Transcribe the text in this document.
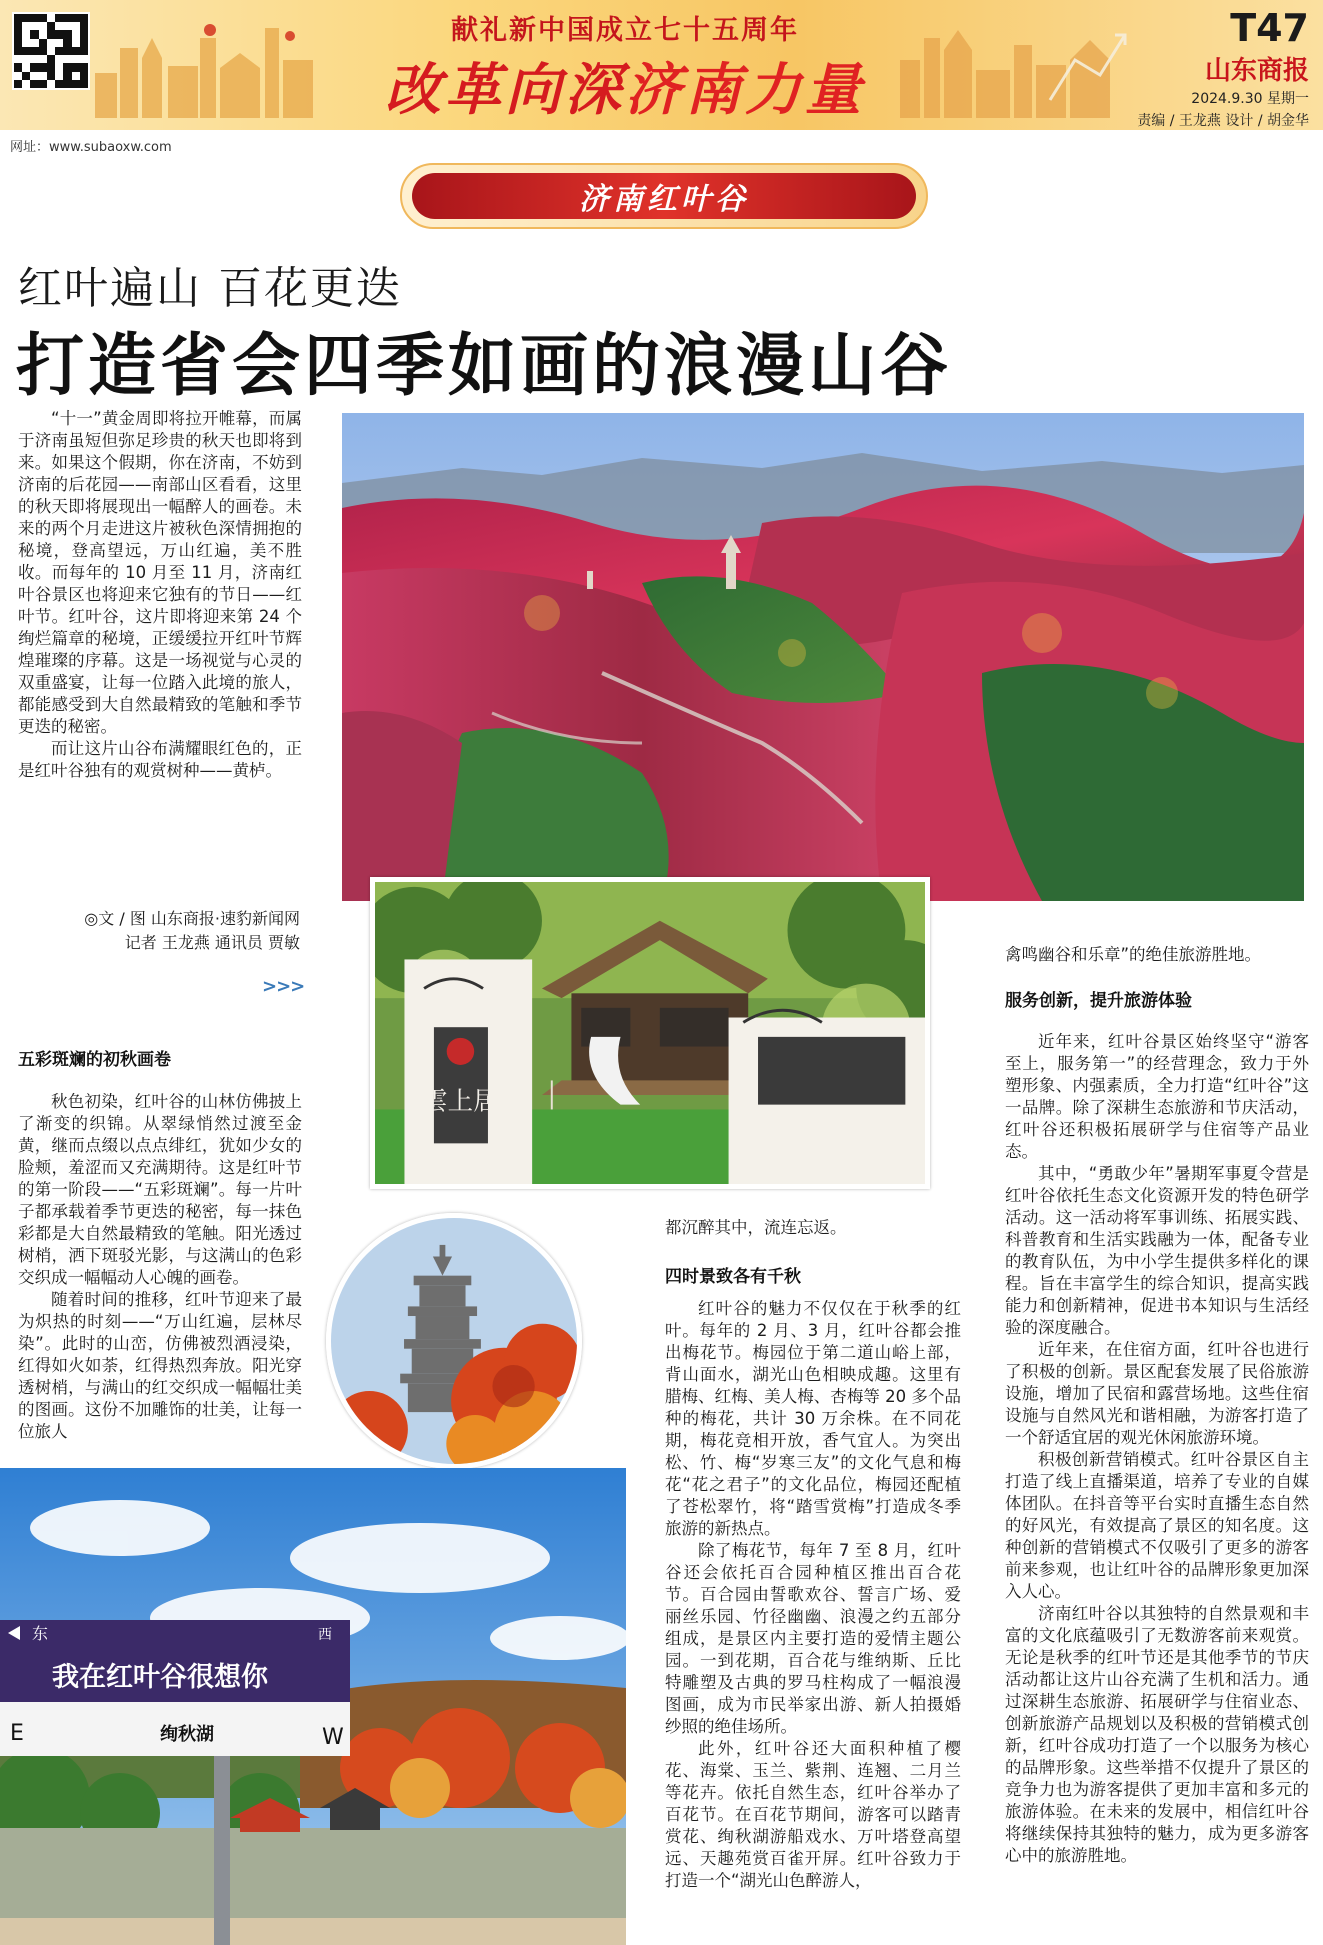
献礼新中国成立七十五周年
改革向深济南力量
T47
山东商报
2024.9.30 星期一
责编 / 王龙燕 设计 / 胡金华
网址：www.subaoxw.com
济南红叶谷
红叶遍山 百花更迭
打造省会四季如画的浪漫山谷

“十一”黄金周即将拉开帷幕，而属于济南虽短但弥足珍贵的秋天也即将到来。如果这个假期，你在济南，不妨到济南的后花园——南部山区看看，这里的秋天即将展现出一幅醉人的画卷。未来的两个月走进这片被秋色深情拥抱的秘境，登高望远，万山红遍，美不胜收。而每年的 10 月至 11 月，济南红叶谷景区也将迎来它独有的节日——红叶节。红叶谷，这片即将迎来第 24 个绚烂篇章的秘境，正缓缓拉开红叶节辉煌璀璨的序幕。这是一场视觉与心灵的双重盛宴，让每一位踏入此境的旅人，都能感受到大自然最精致的笔触和季节更迭的秘密。

而让这片山谷布满耀眼红色的，正是红叶谷独有的观赏树种——黄栌。

◎文 / 图 山东商报·速豹新闻网
记者 王龙燕 通讯员 贾敏
>>>
雲上居
东	西
我在红叶谷很想你
E	绚秋湖	W
五彩斑斓的初秋画卷

秋色初染，红叶谷的山林仿佛披上了渐变的织锦。从翠绿悄然过渡至金黄，继而点缀以点点绯红，犹如少女的脸颊，羞涩而又充满期待。这是红叶节的第一阶段——“五彩斑斓”。每一片叶子都承载着季节更迭的秘密，每一抹色彩都是大自然最精致的笔触。阳光透过树梢，洒下斑驳光影，与这满山的色彩交织成一幅幅动人心魄的画卷。

随着时间的推移，红叶节迎来了最为炽热的时刻——“万山红遍，层林尽染”。此时的山峦，仿佛被烈酒浸染，红得如火如荼，红得热烈奔放。阳光穿透树梢，与满山的红交织成一幅幅壮美的图画。这份不加雕饰的壮美，让每一位旅人

都沉醉其中，流连忘返。
四时景致各有千秋

红叶谷的魅力不仅仅在于秋季的红叶。每年的 2 月、3 月，红叶谷都会推出梅花节。梅园位于第二道山峪上部，背山面水，湖光山色相映成趣。这里有腊梅、红梅、美人梅、杏梅等 20 多个品种的梅花，共计 30 万余株。在不同花期，梅花竞相开放，香气宜人。为突出松、竹、梅“岁寒三友”的文化气息和梅花“花之君子”的文化品位，梅园还配植了苍松翠竹，将“踏雪赏梅”打造成冬季旅游的新热点。

除了梅花节，每年 7 至 8 月，红叶谷还会依托百合园种植区推出百合花节。百合园由誓歌欢谷、誓言广场、爱丽丝乐园、竹径幽幽、浪漫之约五部分组成，是景区内主要打造的爱情主题公园。一到花期，百合花与维纳斯、丘比特雕塑及古典的罗马柱构成了一幅浪漫图画，成为市民举家出游、新人拍摄婚纱照的绝佳场所。

此外，红叶谷还大面积种植了樱花、海棠、玉兰、紫荆、连翘、二月兰等花卉。依托自然生态，红叶谷举办了百花节。在百花节期间，游客可以踏青赏花、绚秋湖游船戏水、万叶塔登高望远、天趣苑赏百雀开屏。红叶谷致力于打造一个“湖光山色醉游人，

禽鸣幽谷和乐章”的绝佳旅游胜地。
服务创新，提升旅游体验

近年来，红叶谷景区始终坚守“游客至上，服务第一”的经营理念，致力于外塑形象、内强素质，全力打造“红叶谷”这一品牌。除了深耕生态旅游和节庆活动，红叶谷还积极拓展研学与住宿等产品业态。

其中，“勇敢少年”暑期军事夏令营是红叶谷依托生态文化资源开发的特色研学活动。这一活动将军事训练、拓展实践、科普教育和生活实践融为一体，配备专业的教育队伍，为中小学生提供多样化的课程。旨在丰富学生的综合知识，提高实践能力和创新精神，促进书本知识与生活经验的深度融合。

近年来，在住宿方面，红叶谷也进行了积极的创新。景区配套发展了民俗旅游设施，增加了民宿和露营场地。这些住宿设施与自然风光和谐相融，为游客打造了一个舒适宜居的观光休闲旅游环境。

积极创新营销模式。红叶谷景区自主打造了线上直播渠道，培养了专业的自媒体团队。在抖音等平台实时直播生态自然的好风光，有效提高了景区的知名度。这种创新的营销模式不仅吸引了更多的游客前来参观，也让红叶谷的品牌形象更加深入人心。

济南红叶谷以其独特的自然景观和丰富的文化底蕴吸引了无数游客前来观赏。无论是秋季的红叶节还是其他季节的节庆活动都让这片山谷充满了生机和活力。通过深耕生态旅游、拓展研学与住宿业态、创新旅游产品规划以及积极的营销模式创新，红叶谷成功打造了一个以服务为核心的品牌形象。这些举措不仅提升了景区的竞争力也为游客提供了更加丰富和多元的旅游体验。在未来的发展中，相信红叶谷将继续保持其独特的魅力，成为更多游客心中的旅游胜地。
